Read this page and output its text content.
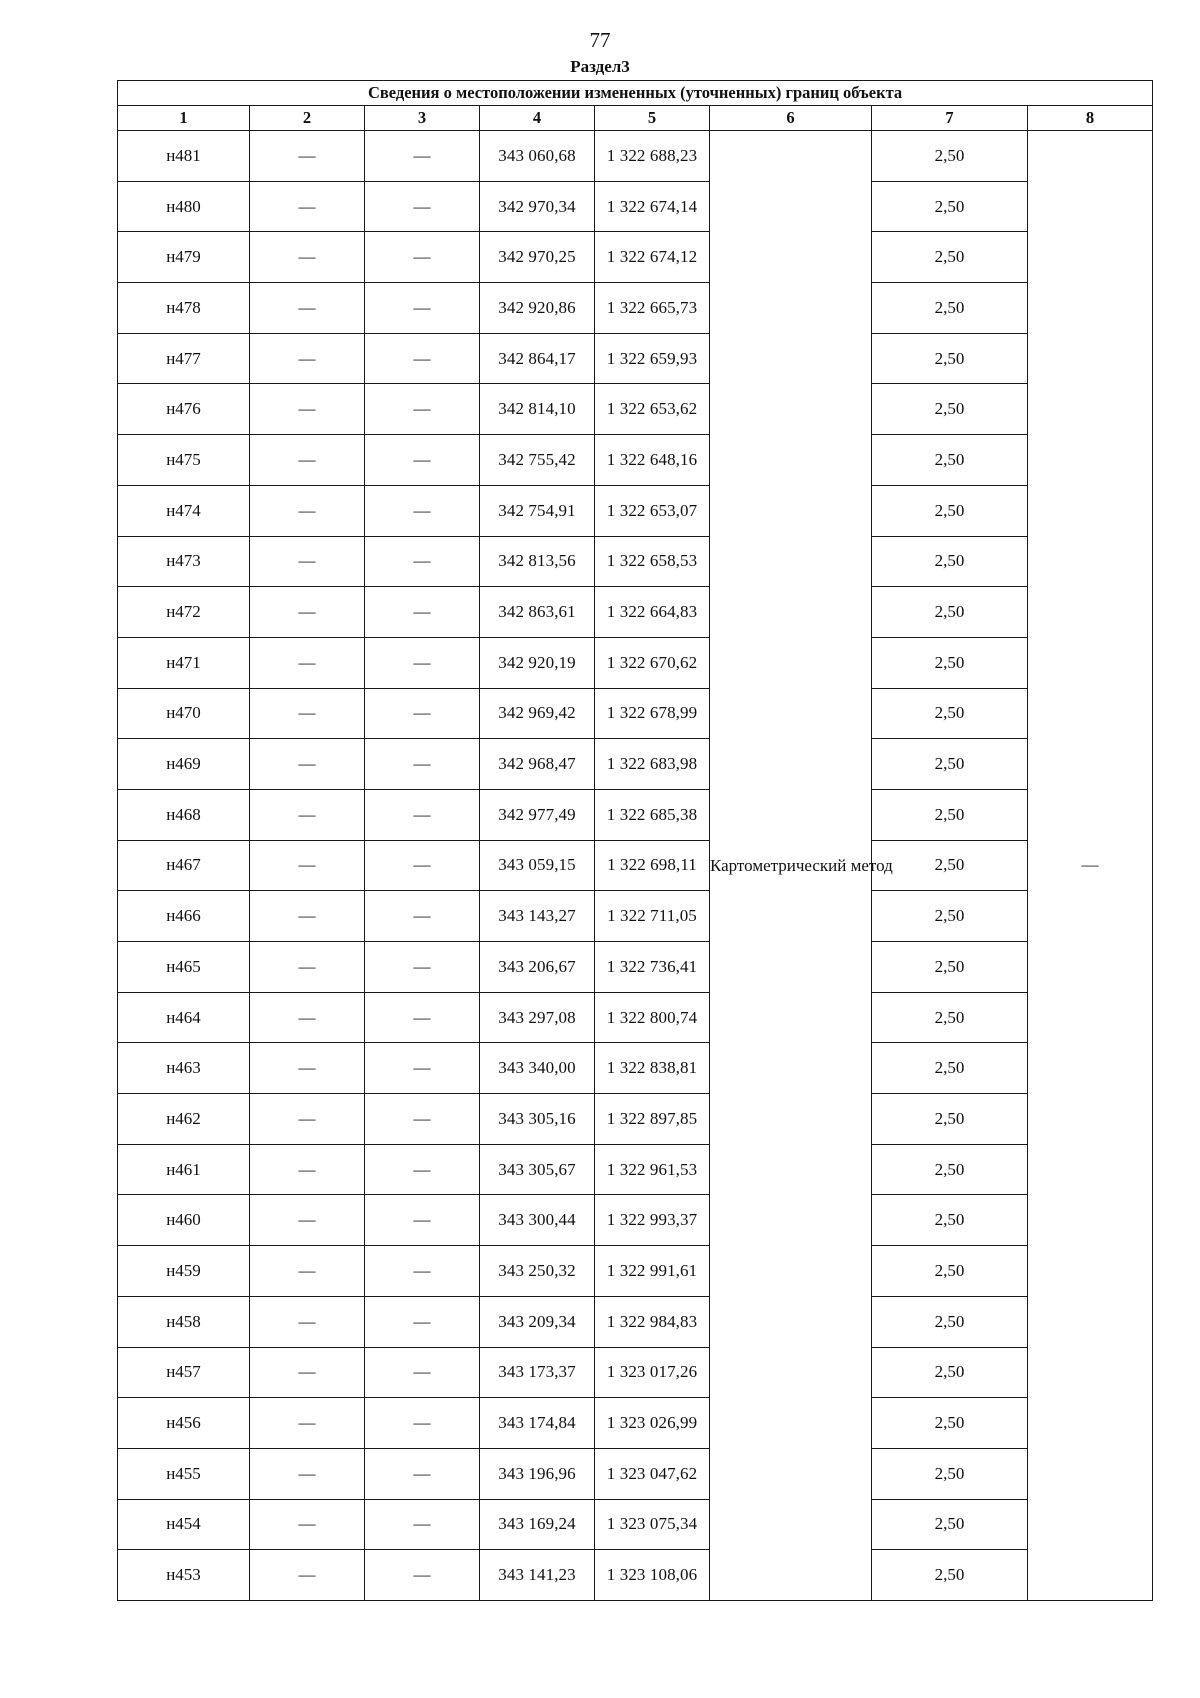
77
Раздел3
Сведения о местоположении измененных (уточненных) границ объекта							
1	2	3	4	5	6	7	8
н481	—	—	343 060,68	1 322 688,23	Картометрический метод	2,50	—
н480	—	—	342 970,34	1 322 674,14		2,50	
н479	—	—	342 970,25	1 322 674,12		2,50	
н478	—	—	342 920,86	1 322 665,73		2,50	
н477	—	—	342 864,17	1 322 659,93		2,50	
н476	—	—	342 814,10	1 322 653,62		2,50	
н475	—	—	342 755,42	1 322 648,16		2,50	
н474	—	—	342 754,91	1 322 653,07		2,50	
н473	—	—	342 813,56	1 322 658,53		2,50	
н472	—	—	342 863,61	1 322 664,83		2,50	
н471	—	—	342 920,19	1 322 670,62		2,50	
н470	—	—	342 969,42	1 322 678,99		2,50	
н469	—	—	342 968,47	1 322 683,98		2,50	
н468	—	—	342 977,49	1 322 685,38		2,50	
н467	—	—	343 059,15	1 322 698,11		2,50	
н466	—	—	343 143,27	1 322 711,05		2,50	
н465	—	—	343 206,67	1 322 736,41		2,50	
н464	—	—	343 297,08	1 322 800,74		2,50	
н463	—	—	343 340,00	1 322 838,81		2,50	
н462	—	—	343 305,16	1 322 897,85		2,50	
н461	—	—	343 305,67	1 322 961,53		2,50	
н460	—	—	343 300,44	1 322 993,37		2,50	
н459	—	—	343 250,32	1 322 991,61		2,50	
н458	—	—	343 209,34	1 322 984,83		2,50	
н457	—	—	343 173,37	1 323 017,26		2,50	
н456	—	—	343 174,84	1 323 026,99		2,50	
н455	—	—	343 196,96	1 323 047,62		2,50	
н454	—	—	343 169,24	1 323 075,34		2,50	
н453	—	—	343 141,23	1 323 108,06		2,50	
